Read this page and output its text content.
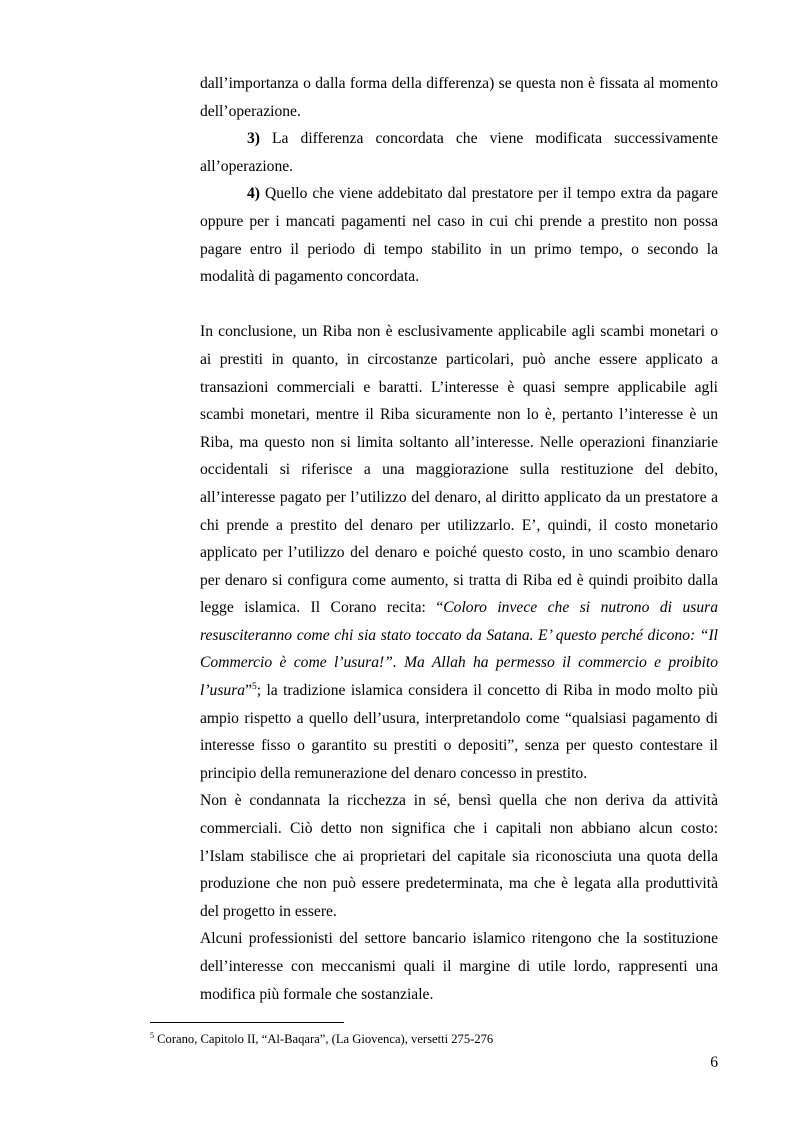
dall’importanza o dalla forma della differenza) se questa non è fissata al momento dell’operazione.

3) La differenza concordata che viene modificata successivamente all’operazione.

4) Quello che viene addebitato dal prestatore per il tempo extra da pagare oppure per i mancati pagamenti nel caso in cui chi prende a prestito non possa pagare entro il periodo di tempo stabilito in un primo tempo, o secondo la modalità di pagamento concordata.

In conclusione, un Riba non è esclusivamente applicabile agli scambi monetari o ai prestiti in quanto, in circostanze particolari, può anche essere applicato a transazioni commerciali e baratti. L’interesse è quasi sempre applicabile agli scambi monetari, mentre il Riba sicuramente non lo è, pertanto l’interesse è un Riba, ma questo non si limita soltanto all’interesse. Nelle operazioni finanziarie occidentali si riferisce a una maggiorazione sulla restituzione del debito, all’interesse pagato per l’utilizzo del denaro, al diritto applicato da un prestatore a chi prende a prestito del denaro per utilizzarlo. E’, quindi, il costo monetario applicato per l’utilizzo del denaro e poiché questo costo, in uno scambio denaro per denaro si configura come aumento, si tratta di Riba ed è quindi proibito dalla legge islamica. Il Corano recita: “Coloro invece che si nutrono di usura resusciteranno come chi sia stato toccato da Satana. E’ questo perché dicono: “Il Commercio è come l’usura!”. Ma Allah ha permesso il commercio e proibito l’usura”$^5$; la tradizione islamica considera il concetto di Riba in modo molto più ampio rispetto a quello dell’usura, interpretandolo come “qualsiasi pagamento di interesse fisso o garantito su prestiti o depositi”, senza per questo contestare il principio della remunerazione del denaro concesso in prestito.

Non è condannata la ricchezza in sé, bensì quella che non deriva da attività commerciali. Ciò detto non significa che i capitali non abbiano alcun costo: l’Islam stabilisce che ai proprietari del capitale sia riconosciuta una quota della produzione che non può essere predeterminata, ma che è legata alla produttività del progetto in essere.

Alcuni professionisti del settore bancario islamico ritengono che la sostituzione dell’interesse con meccanismi quali il margine di utile lordo, rappresenti una modifica più formale che sostanziale.

$^5$ Corano, Capitolo II, “Al-Baqara”, (La Giovenca), versetti 275-276
6
